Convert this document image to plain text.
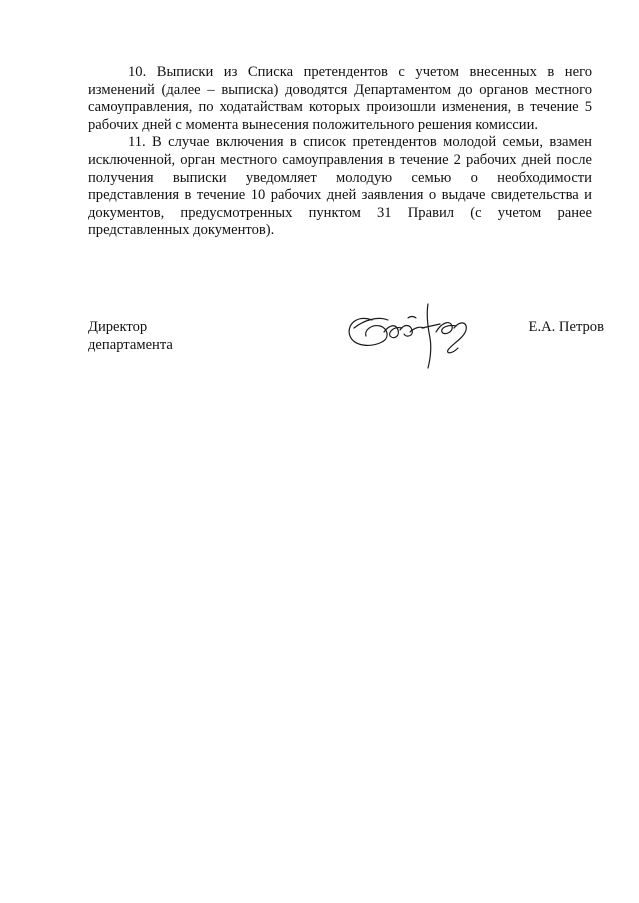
10. Выписки из Списка претендентов с учетом внесенных в него изменений (далее – выписка) доводятся Департаментом до органов местного самоуправления, по ходатайствам которых произошли изменения, в течение 5 рабочих дней с момента вынесения положительного решения комиссии.

11. В случае включения в список претендентов молодой семьи, взамен исключенной, орган местного самоуправления в течение 2 рабочих дней после получения выписки уведомляет молодую семью о необходимости представления в течение 10 рабочих дней заявления о выдаче свидетельства и документов, предусмотренных пунктом 31 Правил (с учетом ранее представленных документов).

Директор
департамента
Е.А. Петров
